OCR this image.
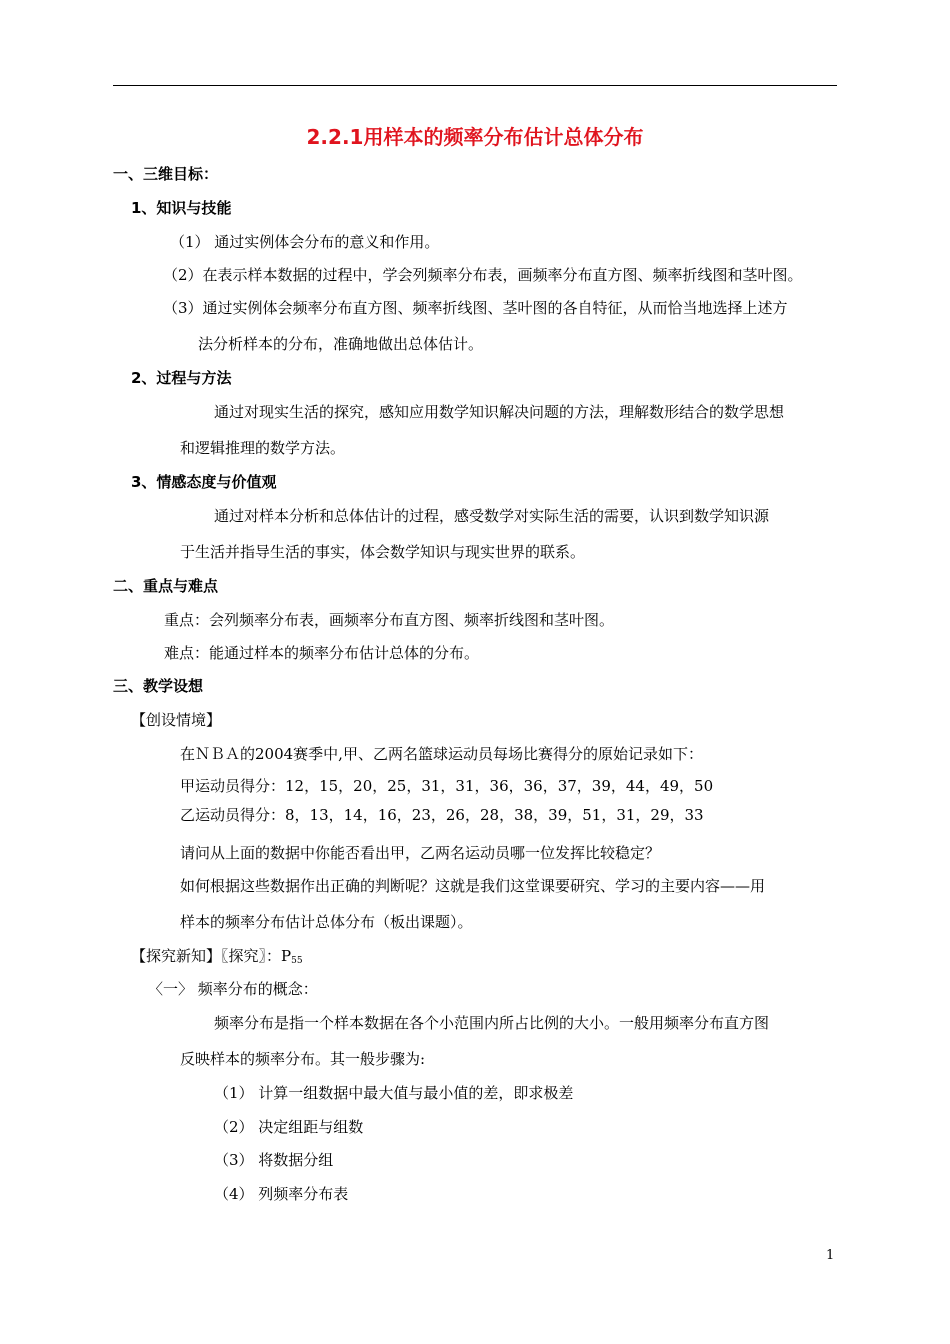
2.2.1用样本的频率分布估计总体分布
一、三维目标：
1、知识与技能
（1） 通过实例体会分布的意义和作用。
（2）在表示样本数据的过程中，学会列频率分布表，画频率分布直方图、频率折线图和茎叶图。
（3）通过实例体会频率分布直方图、频率折线图、茎叶图的各自特征，从而恰当地选择上述方
法分析样本的分布，准确地做出总体估计。
2、过程与方法
通过对现实生活的探究，感知应用数学知识解决问题的方法，理解数形结合的数学思想
和逻辑推理的数学方法。
3、情感态度与价值观
通过对样本分析和总体估计的过程，感受数学对实际生活的需要，认识到数学知识源
于生活并指导生活的事实，体会数学知识与现实世界的联系。
二、重点与难点
重点：会列频率分布表，画频率分布直方图、频率折线图和茎叶图。
难点：能通过样本的频率分布估计总体的分布。
三、教学设想
【创设情境】
在ＮＢＡ的2004赛季中,甲、乙两名篮球运动员每场比赛得分的原始记录如下：
甲运动员得分：12，15，20，25，31，31，36，36，37，39，44，49，50
乙运动员得分：8，13，14，16，23，26，28，38，39，51，31，29，33
请问从上面的数据中你能否看出甲，乙两名运动员哪一位发挥比较稳定？
如何根据这些数据作出正确的判断呢？这就是我们这堂课要研究、学习的主要内容——用
样本的频率分布估计总体分布（板出课题）。
【探究新知】〖探究〗：$P_{55}$
〈一〉 频率分布的概念：
频率分布是指一个样本数据在各个小范围内所占比例的大小。一般用频率分布直方图
反映样本的频率分布。其一般步骤为:
（1） 计算一组数据中最大值与最小值的差，即求极差
（2） 决定组距与组数
（3） 将数据分组
（4） 列频率分布表
1
